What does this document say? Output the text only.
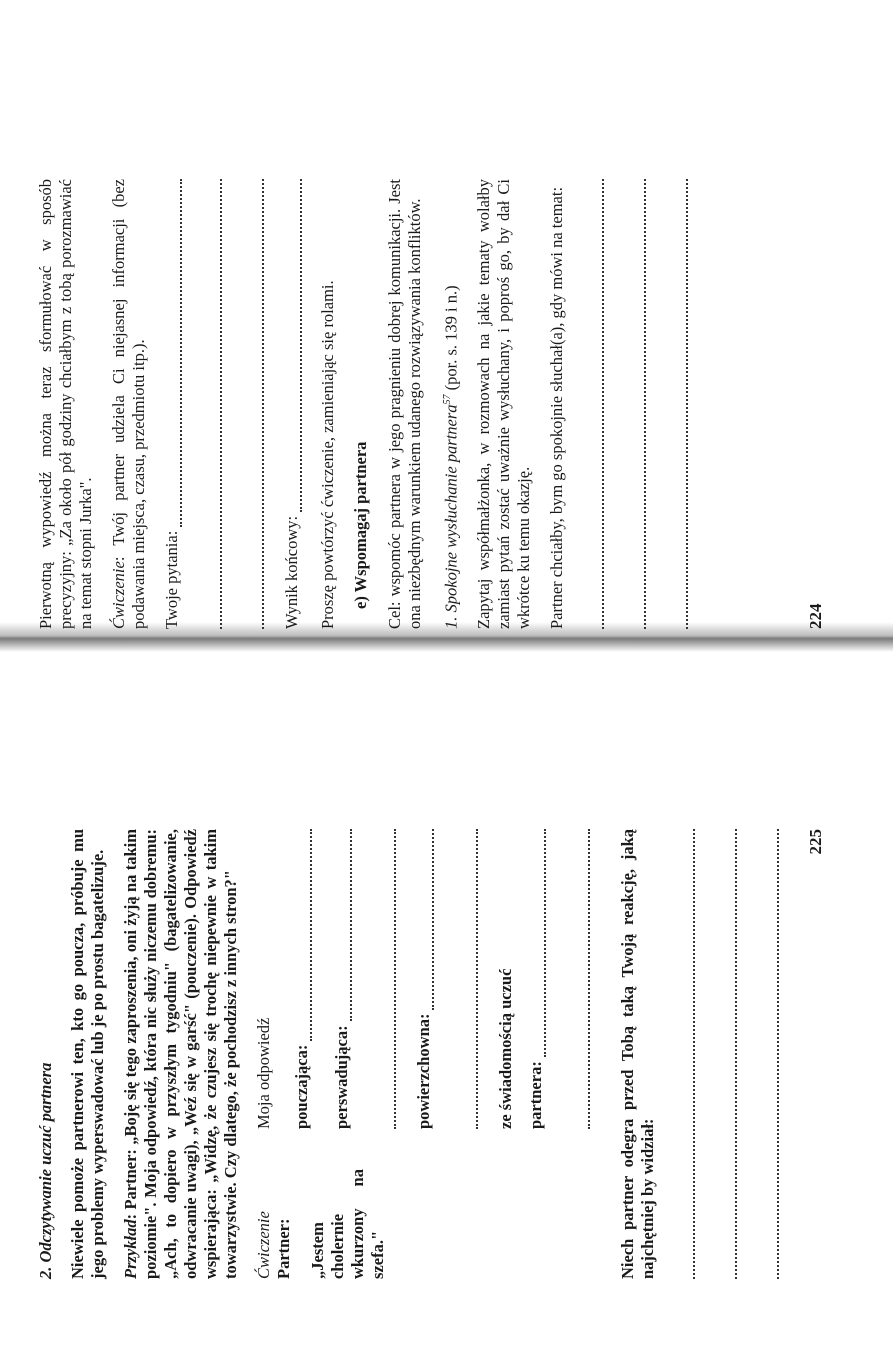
Pierwotną wypowiedź można teraz sformułować w sposób precyzyjny: „Za około pół godziny chciałbym z tobą porozmawiać na temat stopni Jurka". Ćwiczenie: Twój partner udziela Ci niejasnej informacji (bez podawania miejsca, czasu, przedmiotu itp.). Twoje pytania:	Wynik końcowy: Proszę powtórzyć ćwiczenie, zamieniając się rolami. e) Wspomagaj partnera Cel: wspomóc partnera w jego pragnieniu dobrej komunikacji. Jest ona niezbędnym warunkiem udanego rozwiązywania konfliktów. 1. Spokojne wysłuchanie partnera$^{57}$ (por. s. 139 i n.) Zapytaj współmałżonka, w rozmowach na jakie tematy wolałby zamiast pytań zostać uważnie wysłuchany, i poproś go, by dał Ci wkrótce ku temu okazję. Partner chciałby, bym go spokojnie słuchał(a), gdy mówi na temat:	224
2. Odczytywanie uczuć partnera Niewiele pomoże partnerowi ten, kto go poucza, próbuje mu jego problemy wyperswadować lub je po prostu bagatelizuje. Przykład: Partner: „Boję się tego zaproszenia, oni żyją na takim poziomie". Moja odpowiedź, która nic służy niczemu dobremu: „Ach, to dopiero w przyszłym tygodniu" (bagatelizowanie, odwracanie uwagi), „Weź się w garść" (pouczenie). Odpowiedź wspierająca: „Widzę, że czujesz się trochę niepewnie w takim towarzystwie. Czy dlatego, że pochodzisz z innych stron?" Ćwiczenie Partner: „Jestem cholernie wkurzony na szefa."
Moja odpowiedź pouczająca: perswadująca:	powierzchowna:	ze świadomością uczuć partnera:	Niech partner odegra przed Tobą taką Twoją reakcję, jaką najchętniej by widział:

225
